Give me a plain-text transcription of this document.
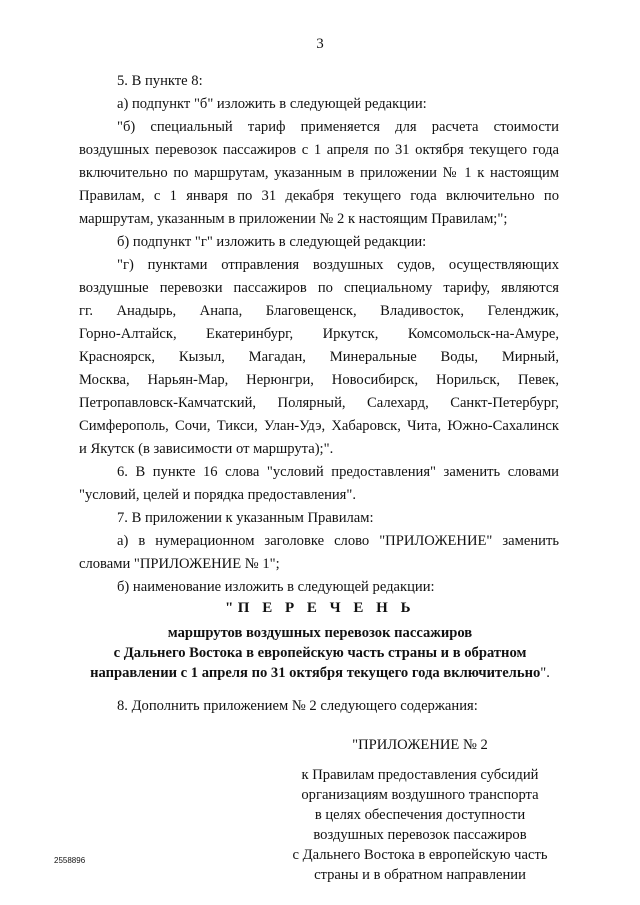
3
5. В пункте 8:
а) подпункт "б" изложить в следующей редакции:
"б) специальный тариф применяется для расчета стоимости
воздушных перевозок пассажиров с 1 апреля по 31 октября текущего года
включительно по маршрутам, указанным в приложении № 1 к настоящим
Правилам, с 1 января по 31 декабря текущего года включительно по
маршрутам, указанным в приложении № 2 к настоящим Правилам;";
б) подпункт "г" изложить в следующей редакции:
"г) пунктами отправления воздушных судов, осуществляющих
воздушные перевозки пассажиров по специальному тарифу, являются
гг. Анадырь, Анапа, Благовещенск, Владивосток, Геленджик,
Горно-Алтайск, Екатеринбург, Иркутск, Комсомольск-на-Амуре,
Красноярск, Кызыл, Магадан, Минеральные Воды, Мирный,
Москва, Нарьян-Мар, Нерюнгри, Новосибирск, Норильск, Певек,
Петропавловск-Камчатский, Полярный, Салехард, Санкт-Петербург,
Симферополь, Сочи, Тикси, Улан-Удэ, Хабаровск, Чита, Южно-Сахалинск
и Якутск (в зависимости от маршрута);".
6. В пункте 16 слова "условий предоставления" заменить словами
"условий, целей и порядка предоставления".
7. В приложении к указанным Правилам:
а) в нумерационном заголовке слово "ПРИЛОЖЕНИЕ" заменить
словами "ПРИЛОЖЕНИЕ № 1";
б) наименование изложить в следующей редакции:
"П Е Р Е Ч Е Н Ь
маршрутов воздушных перевозок пассажиров
с Дальнего Востока в европейскую часть страны и в обратном
направлении с 1 апреля по 31 октября текущего года включительно".
8. Дополнить приложением № 2 следующего содержания:
"ПРИЛОЖЕНИЕ № 2
к Правилам предоставления субсидий
организациям воздушного транспорта
в целях обеспечения доступности
воздушных перевозок пассажиров
с Дальнего Востока в европейскую часть
страны и в обратном направлении
2558896
